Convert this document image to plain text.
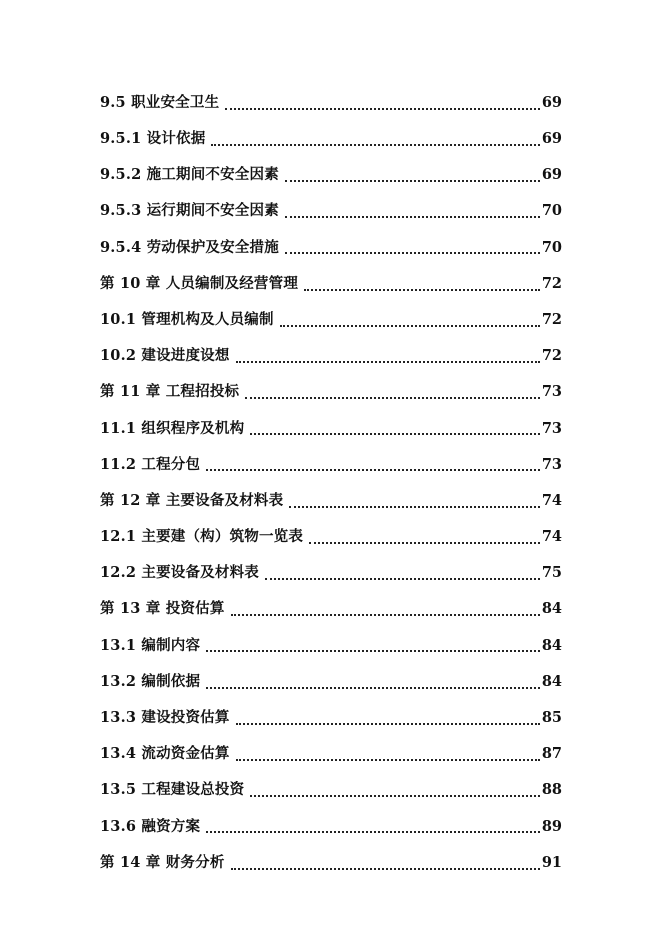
9.5 职业安全卫生	69
9.5.1 设计依据	69
9.5.2 施工期间不安全因素	69
9.5.3 运行期间不安全因素	70
9.5.4 劳动保护及安全措施	70
第 10 章 人员编制及经营管理	72
10.1 管理机构及人员编制	72
10.2 建设进度设想	72
第 11 章 工程招投标	73
11.1 组织程序及机构	73
11.2 工程分包	73
第 12 章 主要设备及材料表	74
12.1 主要建（构）筑物一览表	74
12.2 主要设备及材料表	75
第 13 章 投资估算	84
13.1 编制内容	84
13.2 编制依据	84
13.3 建设投资估算	85
13.4 流动资金估算	87
13.5 工程建设总投资	88
13.6 融资方案	89
第 14 章 财务分析	91
